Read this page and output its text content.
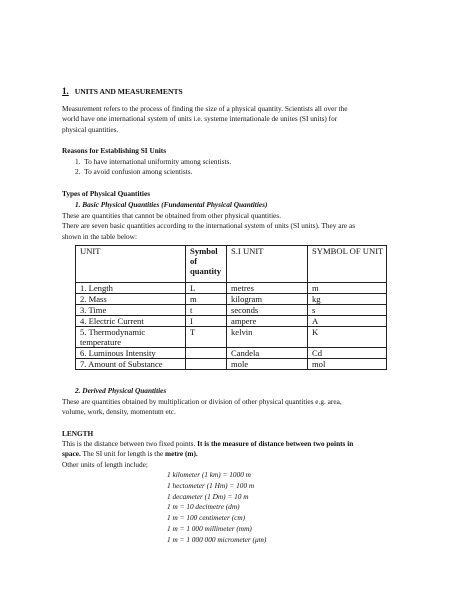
1. UNITS AND MEASUREMENTS
Measurement refers to the process of finding the size of a physical quantity. Scientists all over the
world have one international system of units i.e. systeme internationale de unites (SI units) for
physical quantities.
Reasons for Establishing SI Units
1. To have international uniformity among scientists.
2. To avoid confusion among scientists.
Types of Physical Quantities
1. Basic Physical Quantities (Fundamental Physical Quantities)
These are quantities that cannot be obtained from other physical quantities.
There are seven basic quantities according to the international system of units (SI units). They are as
shown in the table below:
UNIT	Symbol of quantity	S.I UNIT	SYMBOL OF UNIT
1. Length	L	metres	m
2. Mass	m	kilogram	kg
3. Time	t	seconds	s
4. Electric Current	I	ampere	A
5. Thermodynamic temperature	T	kelvin	K
6. Luminous Intensity		Candela	Cd
7. Amount of Substance		mole	mol
2. Derived Physical Quantities
These are quantities obtained by multiplication or division of other physical quantities e.g. area,
volume, work, density, momentum etc.
LENGTH
This is the distance between two fixed points. It is the measure of distance between two points in
space. The SI unit for length is the metre (m).
Other units of length include;
1 kilometer (1 km) = 1000 m
1 hectometer (1 Hm) = 100 m
1 decameter (1 Dm) = 10 m
1 m = 10 decimetre (dm)
1 m = 100 centimeter (cm)
1 m = 1 000 millimeter (mm)
1 m = 1 000 000 micrometer (μm)
